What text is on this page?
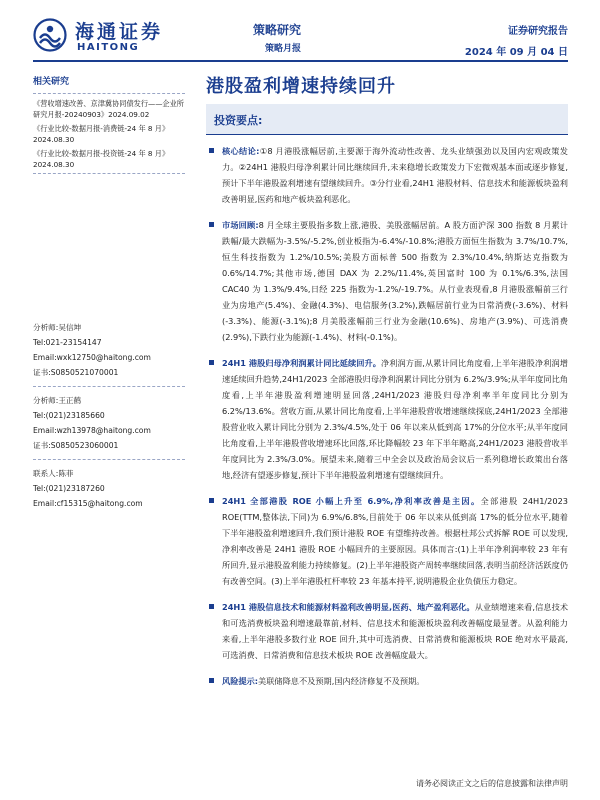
海通证券
HAITONG
策略研究
策略月报
证券研究报告
2024 年 09 月 04 日
相关研究
《营收增速改善、京津冀协同债发行——企业所研究月报-20240903》2024.09.02
《行业比较-数据月报-消费链-24 年 8 月》2024.08.30
《行业比较-数据月报-投资链-24 年 8 月》2024.08.30
分析师:吴信坤
Tel:021-23154147
Email:wxk12750@haitong.com
证书:S0850521070001
分析师:王正鹤
Tel:(021)23185660
Email:wzh13978@haitong.com
证书:S0850523060001
联系人:陈菲
Tel:(021)23187260
Email:cf15315@haitong.com
港股盈利增速持续回升
投资要点:
核心结论:①8 月港股涨幅居前,主要源于海外流动性改善、龙头业绩强劲以及国内宏观政策发力。②24H1 港股归母净利累计同比继续回升,未来稳增长政策发力下宏微观基本面或逐步修复,预计下半年港股盈利增速有望继续回升。③分行业看,24H1 港股材料、信息技术和能源板块盈利改善明显,医药和地产板块盈利恶化。
市场回顾:8 月全球主要股指多数上涨,港股、美股涨幅居前。A 股方面沪深 300 指数 8 月累计跌幅/最大跌幅为-3.5%/-5.2%,创业板指为-6.4%/-10.8%;港股方面恒生指数为 3.7%/10.7%,恒生科技指数为 1.2%/10.5%;美股方面标普 500 指数为 2.3%/10.4%,纳斯达克指数为 0.6%/14.7%;其他市场,德国 DAX 为 2.2%/11.4%,英国富时 100 为 0.1%/6.3%,法国 CAC40 为 1.3%/9.4%,日经 225 指数为-1.2%/-19.7%。从行业表现看,8 月港股涨幅前三行业为房地产(5.4%)、金融(4.3%)、电信服务(3.2%),跌幅居前行业为日常消费(-3.6%)、材料(-3.3%)、能源(-3.1%);8 月美股涨幅前三行业为金融(10.6%)、房地产(3.9%)、可选消费(2.9%),下跌行业为能源(-1.4%)、材料(-0.1%)。
24H1 港股归母净利润累计同比延续回升。净利润方面,从累计同比角度看,上半年港股净利润增速延续回升趋势,24H1/2023 全部港股归母净利润累计同比分别为 6.2%/3.9%;从半年度同比角度看,上半年港股盈利增速明显回落,24H1/2023 港股归母净利率半年度同比分别为 6.2%/13.6%。营收方面,从累计同比角度看,上半年港股营收增速继续探底,24H1/2023 全部港股营业收入累计同比分别为 2.3%/4.5%,处于 06 年以来从低到高 17%的分位水平;从半年度同比角度看,上半年港股营收增速环比回落,环比降幅较 23 年下半年略高,24H1/2023 港股营收半年度同比为 2.3%/3.0%。展望未来,随着三中全会以及政治局会议后一系列稳增长政策出台落地,经济有望逐步修复,预计下半年港股盈利增速有望继续回升。
24H1 全部港股 ROE 小幅上升至 6.9%,净利率改善是主因。全部港股 24H1/2023 ROE(TTM,整体法,下同)为 6.9%/6.8%,目前处于 06 年以来从低到高 17%的低分位水平,随着下半年港股盈利增速回升,我们预计港股 ROE 有望维持改善。根据杜邦公式拆解 ROE 可以发现,净利率改善是 24H1 港股 ROE 小幅回升的主要原因。具体而言:(1)上半年净利润率较 23 年有所回升,显示港股盈利能力持续修复。(2)上半年港股资产周转率继续回落,表明当前经济活跃度仍有改善空间。(3)上半年港股杠杆率较 23 年基本持平,说明港股企业负债压力稳定。
24H1 港股信息技术和能源材料盈利改善明显,医药、地产盈利恶化。从业绩增速来看,信息技术和可选消费板块盈利增速最靠前,材料、信息技术和能源板块盈利改善幅度最显著。从盈利能力来看,上半年港股多数行业 ROE 回升,其中可选消费、日常消费和能源板块 ROE 绝对水平最高,可选消费、日常消费和信息技术板块 ROE 改善幅度最大。
风险提示:美联储降息不及预期,国内经济修复不及预期。
请务必阅读正文之后的信息披露和法律声明
